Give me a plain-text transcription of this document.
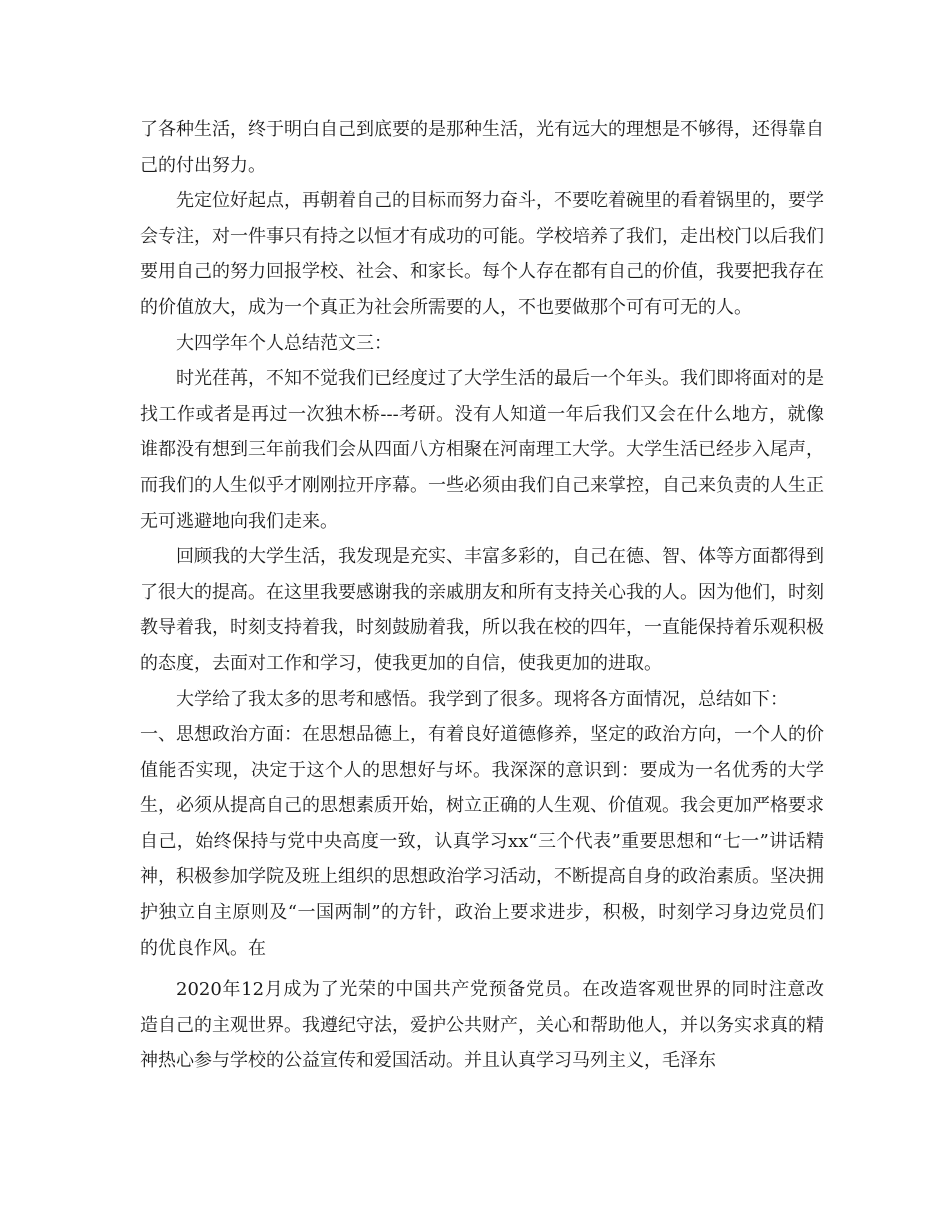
了各种生活，终于明白自己到底要的是那种生活，光有远大的理想是不够得，还得靠自己的付出努力。

先定位好起点，再朝着自己的目标而努力奋斗，不要吃着碗里的看着锅里的，要学会专注，对一件事只有持之以恒才有成功的可能。学校培养了我们，走出校门以后我们要用自己的努力回报学校、社会、和家长。每个人存在都有自己的价值，我要把我存在的价值放大，成为一个真正为社会所需要的人，不也要做那个可有可无的人。

大四学年个人总结范文三：

时光荏苒，不知不觉我们已经度过了大学生活的最后一个年头。我们即将面对的是找工作或者是再过一次独木桥---考研。没有人知道一年后我们又会在什么地方，就像谁都没有想到三年前我们会从四面八方相聚在河南理工大学。大学生活已经步入尾声，而我们的人生似乎才刚刚拉开序幕。一些必须由我们自己来掌控，自己来负责的人生正无可逃避地向我们走来。

回顾我的大学生活，我发现是充实、丰富多彩的，自己在德、智、体等方面都得到了很大的提高。在这里我要感谢我的亲戚朋友和所有支持关心我的人。因为他们，时刻教导着我，时刻支持着我，时刻鼓励着我，所以我在校的四年，一直能保持着乐观积极的态度，去面对工作和学习，使我更加的自信，使我更加的进取。

大学给了我太多的思考和感悟。我学到了很多。现将各方面情况，总结如下：

一、思想政治方面：在思想品德上，有着良好道德修养，坚定的政治方向，一个人的价值能否实现，决定于这个人的思想好与坏。我深深的意识到：要成为一名优秀的大学生，必须从提高自己的思想素质开始，树立正确的人生观、价值观。我会更加严格要求自己，始终保持与党中央高度一致，认真学习xx“三个代表”重要思想和“七一”讲话精神，积极参加学院及班上组织的思想政治学习活动，不断提高自身的政治素质。坚决拥护独立自主原则及“一国两制”的方针，政治上要求进步，积极，时刻学习身边党员们的优良作风。在

2020年12月成为了光荣的中国共产党预备党员。在改造客观世界的同时注意改 造自己的主观世界。我遵纪守法，爱护公共财产，关心和帮助他人，并以务实求真的精神热心参与学校的公益宣传和爱国活动。并且认真学习马列主义，毛泽东
